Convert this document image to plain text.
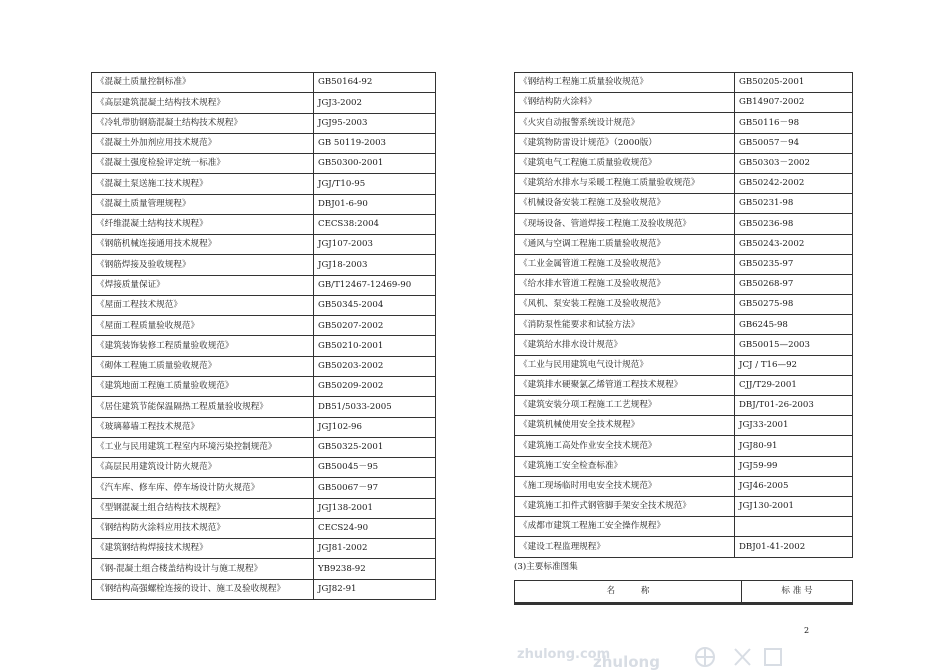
《混凝土质量控制标准》	GB50164-92
《高层建筑混凝土结构技术规程》	JGJ3-2002
《冷轧带肋钢筋混凝土结构技术规程》	JGJ95-2003
《混凝土外加剂应用技术规范》	GB 50119-2003
《混凝土强度检验评定统一标准》	GB50300-2001
《混凝土泵送施工技术规程》	JGJ/T10-95
《混凝土质量管理规程》	DBJ01-6-90
《纤维混凝土结构技术规程》	CECS38:2004
《钢筋机械连接通用技术规程》	JGJ107-2003
《钢筋焊接及验收规程》	JGJ18-2003
《焊接质量保证》	GB/T12467-12469-90
《屋面工程技术规范》	GB50345-2004
《屋面工程质量验收规范》	GB50207-2002
《建筑装饰装修工程质量验收规范》	GB50210-2001
《砌体工程施工质量验收规范》	GB50203-2002
《建筑地面工程施工质量验收规范》	GB50209-2002
《居住建筑节能保温隔热工程质量验收规程》	DB51/5033-2005
《玻璃幕墙工程技术规范》	JGJ102-96
《工业与民用建筑工程室内环境污染控制规范》	GB50325-2001
《高层民用建筑设计防火规范》	GB50045－95
《汽车库、修车库、停车场设计防火规范》	GB50067－97
《型钢混凝土组合结构技术规程》	JGJ138-2001
《钢结构防火涂料应用技术规范》	CECS24-90
《建筑钢结构焊接技术规程》	JGJ81-2002
《钢-混凝土组合楼盖结构设计与施工规程》	YB9238-92
《钢结构高强螺栓连接的设计、施工及验收规程》	JGJ82-91
《钢结构工程施工质量验收规范》	GB50205-2001
《钢结构防火涂料》	GB14907-2002
《火灾自动报警系统设计规范》	GB50116－98
《建筑物防雷设计规范》（2000版）	GB50057－94
《建筑电气工程施工质量验收规范》	GB50303－2002
《建筑给水排水与采暖工程施工质量验收规范》	GB50242-2002
《机械设备安装工程施工及验收规范》	GB50231-98
《现场设备、管道焊接工程施工及验收规范》	GB50236-98
《通风与空调工程施工质量验收规范》	GB50243-2002
《工业金属管道工程施工及验收规范》	GB50235-97
《给水排水管道工程施工及验收规范》	GB50268-97
《风机、泵安装工程施工及验收规范》	GB50275-98
《消防泵性能要求和试验方法》	GB6245-98
《建筑给水排水设计规范》	GB50015—2003
《工业与民用建筑电气设计规范》	JCJ / T16—92
《建筑排水硬聚氯乙烯管道工程技术规程》	CJJ/T29-2001
《建筑安装分项工程施工工艺规程》	DBJ/T01-26-2003
《建筑机械使用安全技术规程》	JGJ33-2001
《建筑施工高处作业安全技术规范》	JGJ80-91
《建筑施工安全检查标准》	JGJ59-99
《施工现场临时用电安全技术规范》	JGJ46-2005
《建筑施工扣件式钢管脚手架安全技术规范》	JGJ130-2001
《成都市建筑工程施工安全操作规程》	
《建设工程监理规程》	DBJ01-41-2002
(3)主要标准图集
名　　　称	标 准 号
2
zhulong.com
zhulong
